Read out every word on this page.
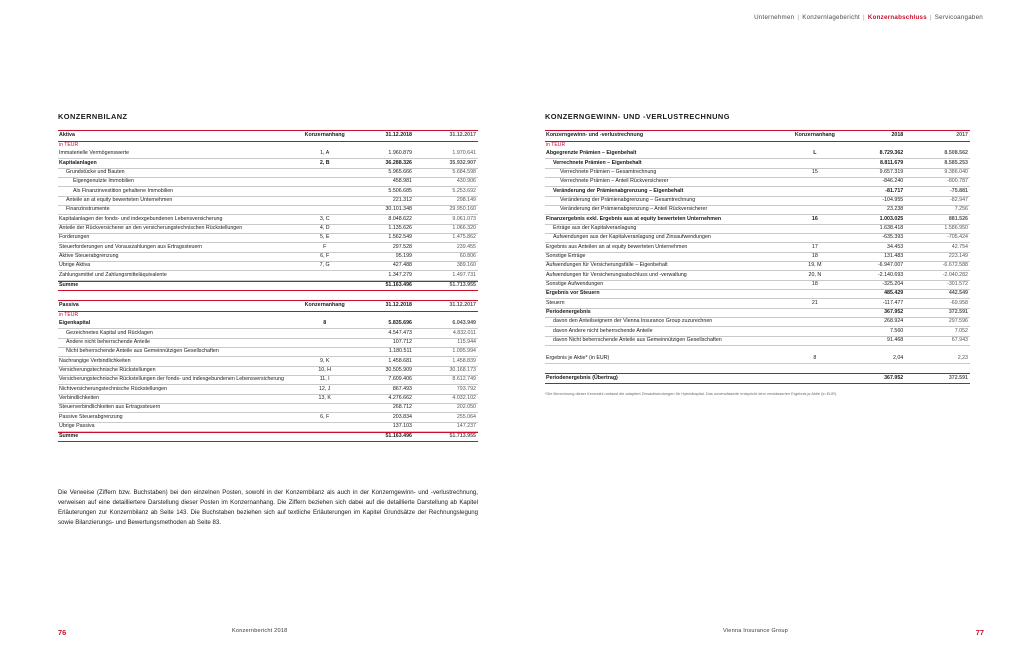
Unternehmen | Konzernlagebericht | Konzernabschluss | Servicoangaben
KONZERNBILANZ
Aktiva	Konzernanhang	31.12.2018	31.12.2017
in TEUR			
Immaterielle Vermögenswerte	1, A	1.960.879	1.970.641
Kapitalanlagen	2, B	36.288.326	35.932.907
Grundstücke und Bauten		5.965.666	5.684.598
Eigengenutzte Immobilien		458.981	430.906
Als Finanzinvestition gehaltene Immobilien		5.506.685	5.253.692
Anteile an at equity bewerteten Unternehmen		221.312	298.149
Finanzinstrumente		30.101.348	29.950.160
Kapitalanlagen der fonds- und indexgebundenen Lebensversicherung	3, C	8.048.622	9.061.073
Anteile der Rückversicherer an den versicherungstechnischen Rückstellungen	4, D	1.135.626	1.066.320
Forderungen	5, E	1.562.549	1.475.862
Steuerforderungen und Vorauszahlungen aus Ertragssteuern	F	297.528	239.455
Aktive Steuerabgrenzung	6, F	95.199	60.806
Übrige Aktiva	7, G	427.488	389.160
Zahlungsmittel und Zahlungsmitteläquivalente		1.347.279	1.497.731
Summe		51.163.496	51.713.955

Passiva	Konzernanhang	31.12.2018	31.12.2017
in TEUR			
Eigenkapital	8	5.835.696	6.043.949
Gezeichnetes Kapital und Rücklagen		4.547.473	4.832.011
Andere nicht beherrschende Anteile		107.712	115.944
Nicht beherrschende Anteile aus Gemeinnützigen Gesellschaften		1.180.511	1.095.994
Nachrangige Verbindlichkeiten	9, K	1.458.681	1.458.839
Versicherungstechnische Rückstellungen	10, H	30.505.909	30.168.173
Versicherungstechnische Rückstellungen der fonds- und indexgebundenen Lebensversicherung	11, I	7.609.406	8.612.749
Nichtversicherungstechnische Rückstellungen	12, J	867.493	793.792
Verbindlichkeiten	13, K	4.276.662	4.032.102
Steuerverbindlichkeiten aus Ertragssteuern		268.712	202.050
Passive Steuerabgrenzung	6, F	203.834	255.064
Übrige Passiva		137.103	147.237
Summe		51.163.496	51.713.955
KONZERNGEWINN- UND -VERLUSTRECHNUNG
Konzerngewinn- und -verlustrechnung	Konzernanhang	2018	2017
in TEUR			
Abgegrenzte Prämien – Eigenbehalt	L	8.729.362	8.508.562
Verrechnete Prämien – Eigenbehalt		8.811.679	8.585.253
Verrechnete Prämien – Gesamtrechnung	15	9.657.319	9.386.040
Verrechnete Prämien – Anteil Rückversicherer		-846.240	-800.787
Veränderung der Prämienabgrenzung – Eigenbehalt		-81.717	-75.881
Veränderung der Prämienabgrenzung – Gesamtrechnung		-104.955	-82.947
Veränderung der Prämienabgrenzung – Anteil Rückversicherer		23.238	7.256
Finanzergebnis exkl. Ergebnis aus at equity bewerteten Unternehmen	16	1.003.025	881.526
Erträge aus der Kapitalveranlagung		1.638.418	1.586.950
Aufwendungen aus der Kapitalveranlagung und Zinsaufwendungen		-635.393	-705.424
Ergebnis aus Anteilen an at equity bewerteten Unternehmen	17	34.453	42.754
Sonstige Erträge	18	131.483	223.149
Aufwendungen für Versicherungsfälle – Eigenbehalt	19, M	-6.947.007	-6.672.588
Aufwendungen für Versicherungsabschluss und -verwaltung	20, N	-2.140.693	-2.040.282
Sonstige Aufwendungen	18	-325.204	-301.572
Ergebnis vor Steuern		485.429	442.549
Steuern	21	-117.477	-69.958
Periodenergebnis		367.952	372.591
davon den Anteilseignern der Vienna Insurance Group zuzurechnen		268.924	297.596
davon Andere nicht beherrschende Anteile		7.560	7.052
davon Nicht beherrschende Anteile aus Gemeinnützigen Gesellschaften		91.468	67.943

Ergebnis je Aktie* (in EUR)	8	2,04	2,23

Periodenergebnis (Übertrag)		367.952	372.591
*Die Berechnung dieser Kennzahl umfasst die adaptiert Zinsaufwendungen für Hybridkapital. Das unverwässerte entspricht dem verwässerten Ergebnis je Aktie (in EUR).
Die Verweise (Ziffern bzw. Buchstaben) bei den einzelnen Posten, sowohl in der Konzernbilanz als auch in der Konzerngewinn- und -verlustrechnung, verweisen auf eine detailliertere Darstellung dieser Posten im Konzernanhang. Die Ziffern beziehen sich dabei auf die detaillierte Darstellung ab Kapitel Erläuterungen zur Konzernbilanz ab Seite 143. Die Buchstaben beziehen sich auf textliche Erläuterungen im Kapitel Grundsätze der Rechnungslegung sowie Bilanzierungs- und Bewertungsmethoden ab Seite 83.
76	Konzernbericht 2018	Vienna Insurance Group	77
